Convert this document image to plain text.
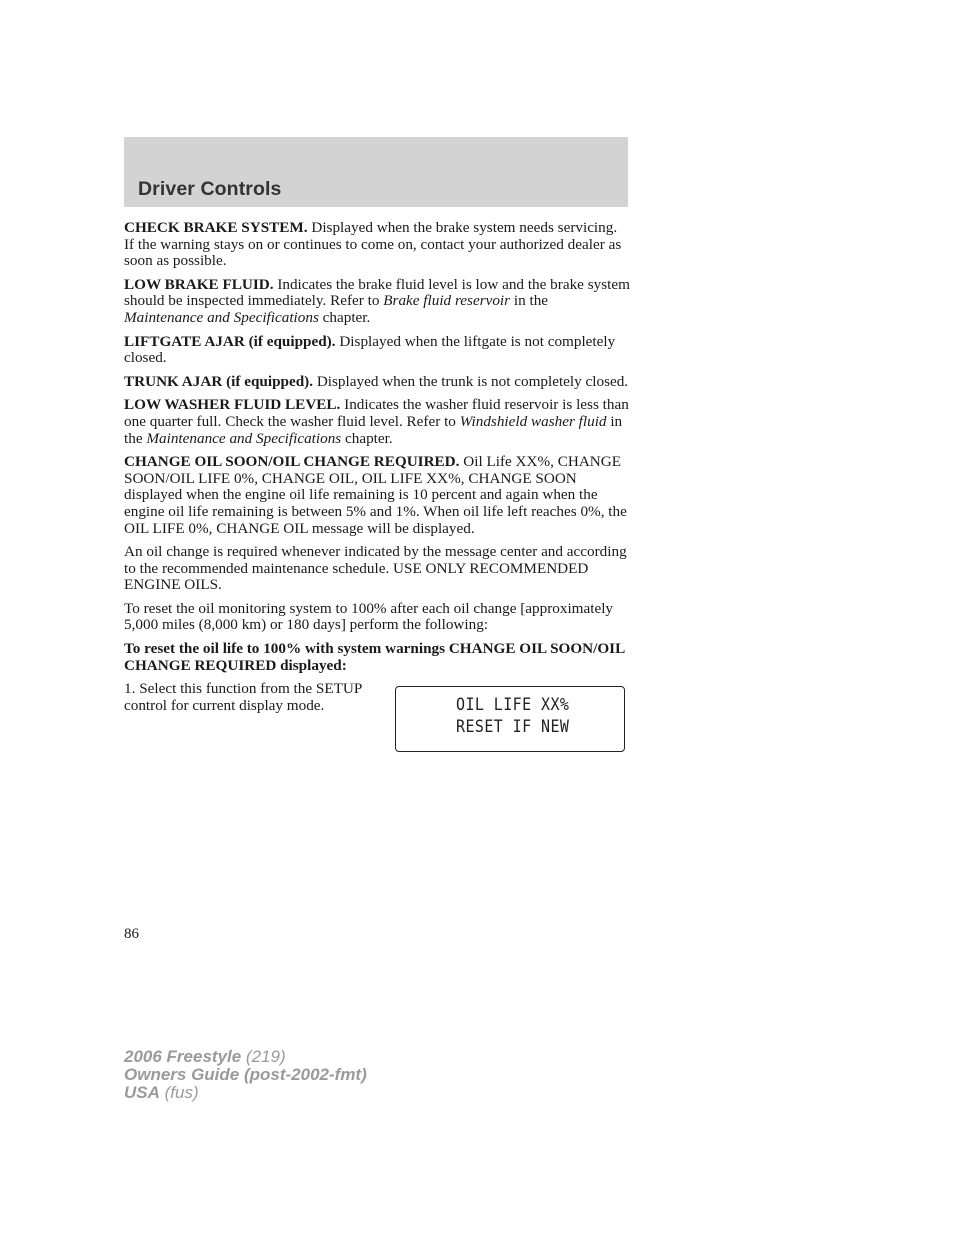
Driver Controls

CHECK BRAKE SYSTEM. Displayed when the brake system needs servicing. If the warning stays on or continues to come on, contact your authorized dealer as soon as possible.

LOW BRAKE FLUID. Indicates the brake fluid level is low and the brake system should be inspected immediately. Refer to Brake fluid reservoir in the Maintenance and Specifications chapter.

LIFTGATE AJAR (if equipped). Displayed when the liftgate is not completely closed.

TRUNK AJAR (if equipped). Displayed when the trunk is not completely closed.

LOW WASHER FLUID LEVEL. Indicates the washer fluid reservoir is less than one quarter full. Check the washer fluid level. Refer to Windshield washer fluid in the Maintenance and Specifications chapter.

CHANGE OIL SOON/OIL CHANGE REQUIRED. Oil Life XX%, CHANGE SOON/OIL LIFE 0%, CHANGE OIL, OIL LIFE XX%, CHANGE SOON displayed when the engine oil life remaining is 10 percent and again when the engine oil life remaining is between 5% and 1%. When oil life left reaches 0%, the OIL LIFE 0%, CHANGE OIL message will be displayed.

An oil change is required whenever indicated by the message center and according to the recommended maintenance schedule. USE ONLY RECOMMENDED ENGINE OILS.

To reset the oil monitoring system to 100% after each oil change [approximately 5,000 miles (8,000 km) or 180 days] perform the following:

To reset the oil life to 100% with system warnings CHANGE OIL SOON/OIL CHANGE REQUIRED displayed:

1. Select this function from the SETUP control for current display mode.	OIL LIFE XX%
RESET IF NEW
86
2006 Freestyle (219)
Owners Guide (post-2002-fmt)
USA (fus)
